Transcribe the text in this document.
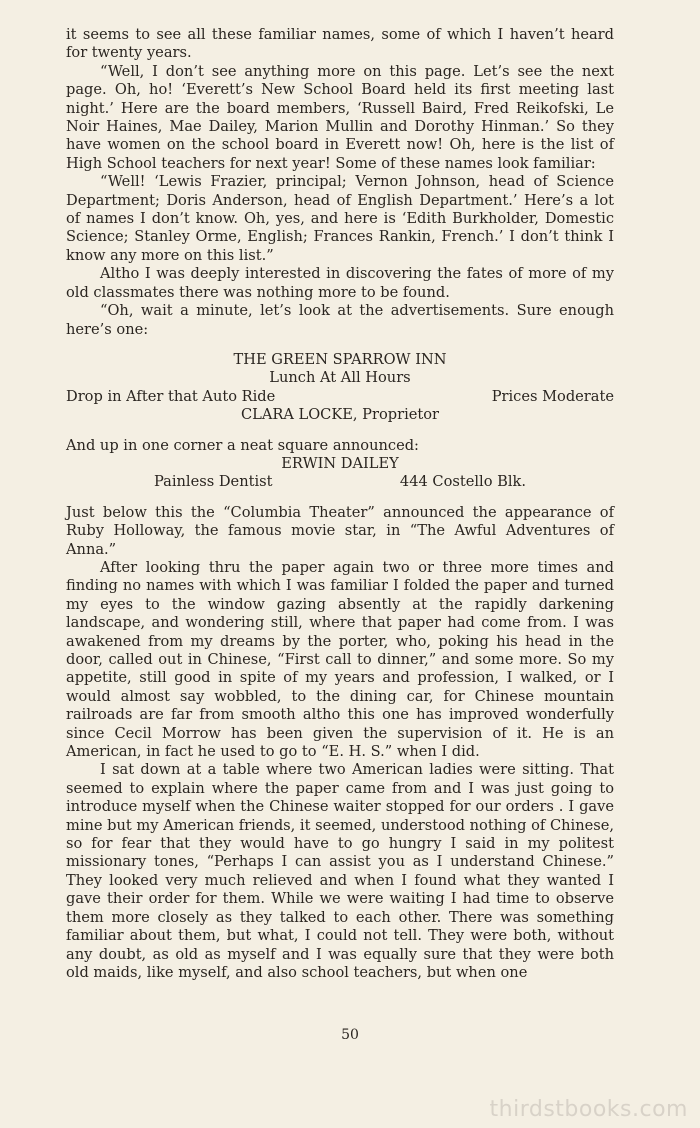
it seems to see all these familiar names, some of which I haven’t heard for twenty years.

“Well, I don’t see anything more on this page. Let’s see the next page. Oh, ho! ‘Everett’s New School Board held its first meeting last night.’ Here are the board members, ‘Russell Baird, Fred Reikofski, Le Noir Haines, Mae Dailey, Marion Mullin and Dorothy Hinman.’ So they have women on the school board in Everett now! Oh, here is the list of High School teachers for next year! Some of these names look familiar:

“Well! ‘Lewis Frazier, principal; Vernon Johnson, head of Science Department; Doris Anderson, head of English Department.’ Here’s a lot of names I don’t know. Oh, yes, and here is ‘Edith Burkholder, Domestic Science; Stanley Orme, English; Frances Rankin, French.’ I don’t think I know any more on this list.”

Altho I was deeply interested in discovering the fates of more of my old classmates there was nothing more to be found.

“Oh, wait a minute, let’s look at the advertisements. Sure enough here’s one:

THE GREEN SPARROW INN
Lunch At All Hours
Drop in After that Auto Ride	Prices Moderate
CLARA LOCKE, Proprietor

And up in one corner a neat square announced:

ERWIN DAILEY
Painless Dentist	444 Costello Blk.

Just below this the “Columbia Theater” announced the appearance of Ruby Holloway, the famous movie star, in “The Awful Adventures of Anna.”

After looking thru the paper again two or three more times and finding no names with which I was familiar I folded the paper and turned my eyes to the window gazing absently at the rapidly darkening landscape, and wondering still, where that paper had come from. I was awakened from my dreams by the porter, who, poking his head in the door, called out in Chinese, “First call to dinner,” and some more. So my appetite, still good in spite of my years and profession, I walked, or I would almost say wobbled, to the dining car, for Chinese mountain railroads are far from smooth altho this one has improved wonderfully since Cecil Morrow has been given the supervision of it. He is an American, in fact he used to go to “E. H. S.” when I did.

I sat down at a table where two American ladies were sitting. That seemed to explain where the paper came from and I was just going to introduce myself when the Chinese waiter stopped for our orders . I gave mine but my American friends, it seemed, understood nothing of Chinese, so for fear that they would have to go hungry I said in my politest missionary tones, “Perhaps I can assist you as I understand Chinese.” They looked very much relieved and when I found what they wanted I gave their order for them. While we were waiting I had time to observe them more closely as they talked to each other. There was something familiar about them, but what, I could not tell. They were both, without any doubt, as old as myself and I was equally sure that they were both old maids, like myself, and also school teachers, but when one

50
thirdstbooks.com
